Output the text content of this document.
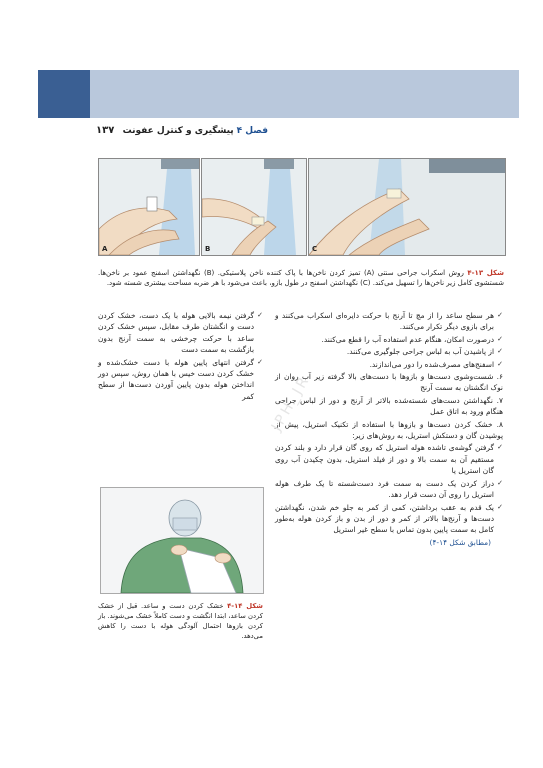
فصل ۴ پیشگیری و کنترل عفونت
۱۳۷
A	B	C
شکل ۱۳-۴ روش اسکراب جراحی سنتی (A) تمیز کردن ناخن‌ها با پاک کننده ناخن پلاستیکی. (B) نگهداشتن اسفنج عمود بر ناخن‌ها. شستشوی کامل زیر ناخن‌ها را تسهیل می‌کند. (C) نگهداشتن اسفنج در طول بازو، باعث می‌شود با هر ضربه مساحت بیشتری شسته شود.
✓ هر سطح ساعد را از مچ تا آرنج با حرکت دایره‌ای اسکراب می‌کنند و برای بازوی دیگر تکرار می‌کنند.
✓ درصورت امکان، هنگام عدم استفاده آب را قطع می‌کنند.
✓ از پاشیدن آب به لباس جراحی جلوگیری می‌کنند.
✓ اسفنج‌های مصرف‌شده را دور می‌اندازند.
۶. شست‌وشوی دست‌ها و بازوها با دست‌های بالا گرفته زیر آب روان از نوک انگشتان به سمت آرنج
۷. نگهداشتن دست‌های شسته‌شده بالاتر از آرنج و دور از لباس جراحی هنگام ورود به اتاق عمل
۸. خشک کردن دست‌ها و بازوها با استفاده از تکنیک استریل، پیش از پوشیدن گان و دستکش استریل، به روش‌های زیر:
✓ گرفتن گوشه‌ی تاشده هوله استریل که روی گان قرار دارد و بلند کردن مستقیم آن به سمت بالا و دور از فیلد استریل، بدون چکیدن آب روی گان استریل یا
✓ دراز کردن یک دست به سمت فرد دست‌شسته تا یک طرف هوله استریل را روی آن دست قرار دهد.
✓ یک قدم به عقب برداشتن، کمی از کمر به جلو خم شدن، نگهداشتن دست‌ها و آرنج‌ها بالاتر از کمر و دور از بدن و باز کردن هوله به‌طور کامل به سمت پایین بدون تماس با سطح غیر استریل
(مطابق شکل ۱۴-۴)
✓ گرفتن نیمه بالایی هوله با یک دست، خشک کردن دست و انگشتان طرف مقابل، سپس خشک کردن ساعد با حرکت چرخشی به سمت آرنج بدون بازگشت به سمت دست
✓ گرفتن انتهای پایین هوله با دست خشک‌شده و خشک کردن دست خیس با همان روش، سپس دور انداختن هوله بدون پایین آوردن دست‌ها از سطح کمر
شکل ۱۴-۴ خشک کردن دست و ساعد. قبل از خشک کردن ساعد، ابتدا انگشت و دست کاملاً خشک می‌شوند. باز کردن بازوها احتمال آلودگی هوله با دست را کاهش می‌دهد.
JPH_JR
